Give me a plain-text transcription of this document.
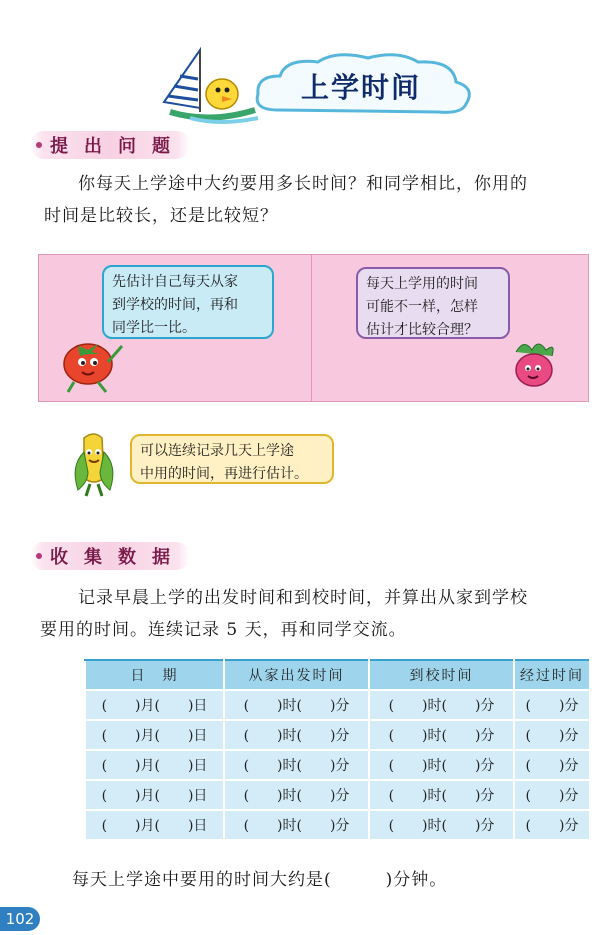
上学时间
提 出 问 题
你每天上学途中大约要用多长时间？和同学相比，你用的
时间是比较长，还是比较短？
先估计自己每天从家
到学校的时间，再和
同学比一比。
每天上学用的时间
可能不一样，怎样
估计才比较合理？
可以连续记录几天上学途
中用的时间，再进行估计。
收 集 数 据
记录早晨上学的出发时间和到校时间，并算出从家到学校
要用的时间。连续记录 5 天，再和同学交流。
日　期	从家出发时间	到校时间	经过时间
(　　)月(　　)日	(　　)时(　　)分	(　　)时(　　)分	(　　)分
(　　)月(　　)日	(　　)时(　　)分	(　　)时(　　)分	(　　)分
(　　)月(　　)日	(　　)时(　　)分	(　　)时(　　)分	(　　)分
(　　)月(　　)日	(　　)时(　　)分	(　　)时(　　)分	(　　)分
(　　)月(　　)日	(　　)时(　　)分	(　　)时(　　)分	(　　)分
每天上学途中要用的时间大约是(　　　)分钟。
102
